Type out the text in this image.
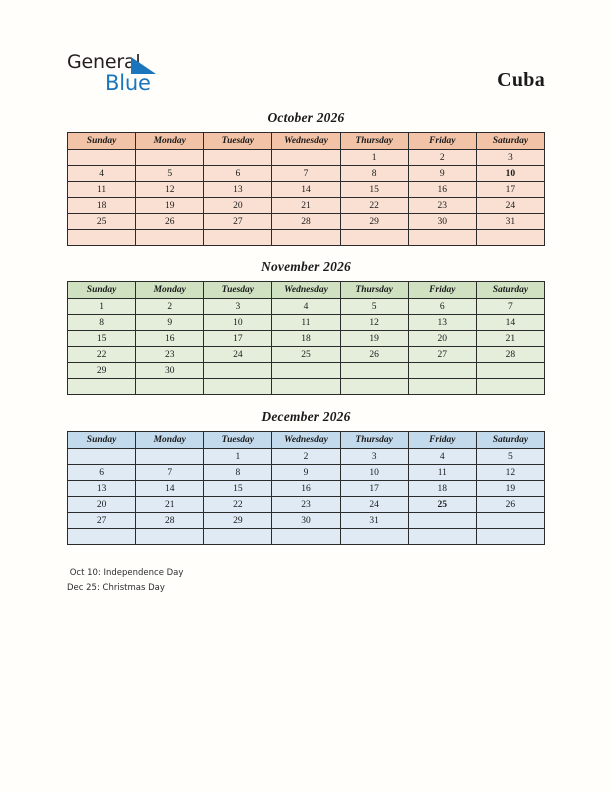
General
Blue	Cuba
October 2026
Sunday	Monday	Tuesday	Wednesday	Thursday	Friday	Saturday
				1	2	3
4	5	6	7	8	9	10
11	12	13	14	15	16	17
18	19	20	21	22	23	24
25	26	27	28	29	30	31

November 2026
Sunday	Monday	Tuesday	Wednesday	Thursday	Friday	Saturday
1	2	3	4	5	6	7
8	9	10	11	12	13	14
15	16	17	18	19	20	21
22	23	24	25	26	27	28
29	30					

December 2026
Sunday	Monday	Tuesday	Wednesday	Thursday	Friday	Saturday
		1	2	3	4	5
6	7	8	9	10	11	12
13	14	15	16	17	18	19
20	21	22	23	24	25	26
27	28	29	30	31		

Oct 10: Independence Day
Dec 25: Christmas Day
